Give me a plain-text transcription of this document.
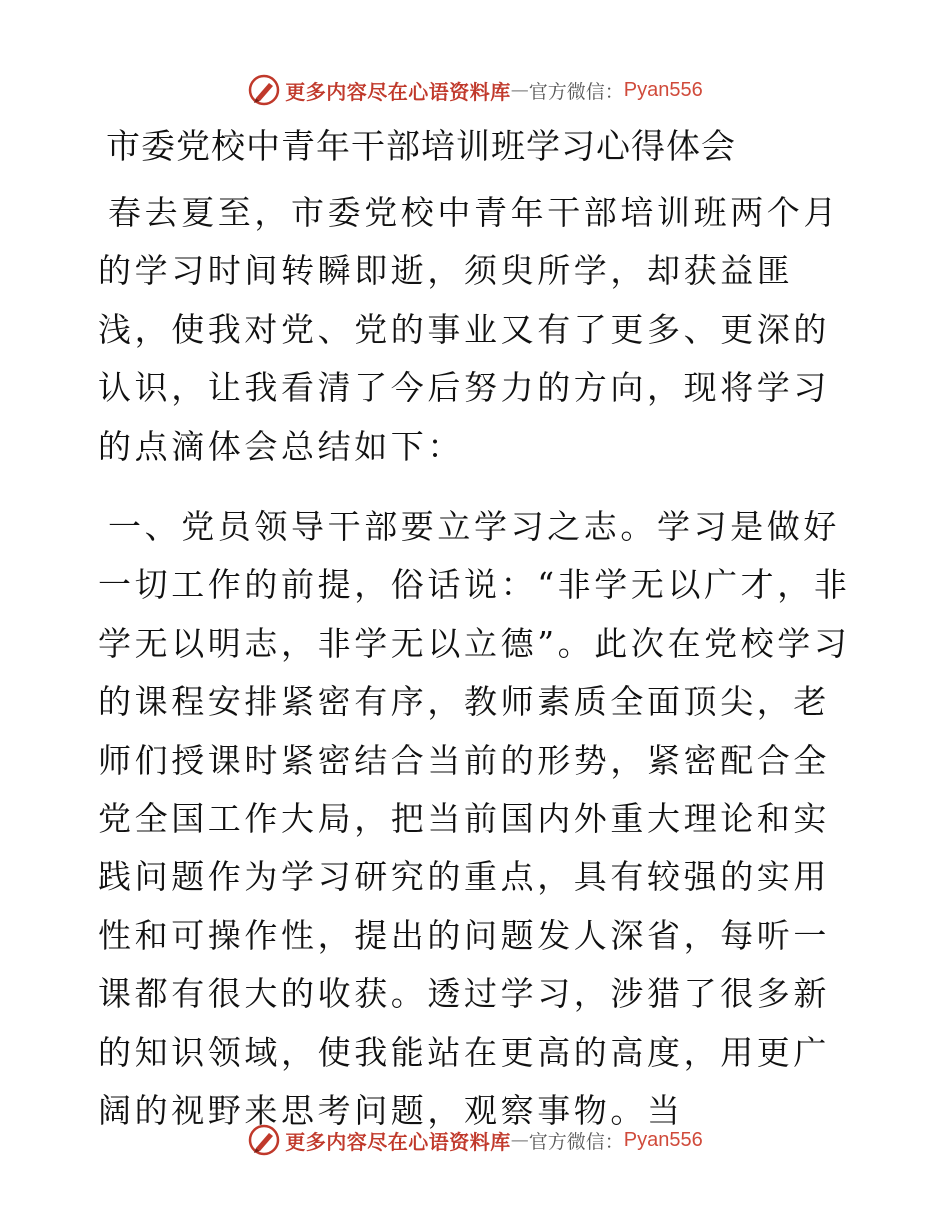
更多内容尽在心语资料库 — 官方微信： Pyan556
市委党校中青年干部培训班学习心得体会

春去夏至，市委党校中青年干部培训班两个月的学习时间转瞬即逝，须臾所学，却获益匪浅，使我对党、党的事业又有了更多、更深的认识，让我看清了今后努力的方向，现将学习的点滴体会总结如下：

一、党员领导干部要立学习之志。学习是做好一切工作的前提，俗话说：“非学无以广才，非学无以明志，非学无以立德”。此次在党校学习的课程安排紧密有序，教师素质全面顶尖，老师们授课时紧密结合当前的形势，紧密配合全党全国工作大局，把当前国内外重大理论和实践问题作为学习研究的重点，具有较强的实用性和可操作性，提出的问题发人深省，每听一课都有很大的收获。透过学习，涉猎了很多新的知识领域，使我能站在更高的高度，用更广阔的视野来思考问题，观察事物。当

更多内容尽在心语资料库 — 官方微信： Pyan556
